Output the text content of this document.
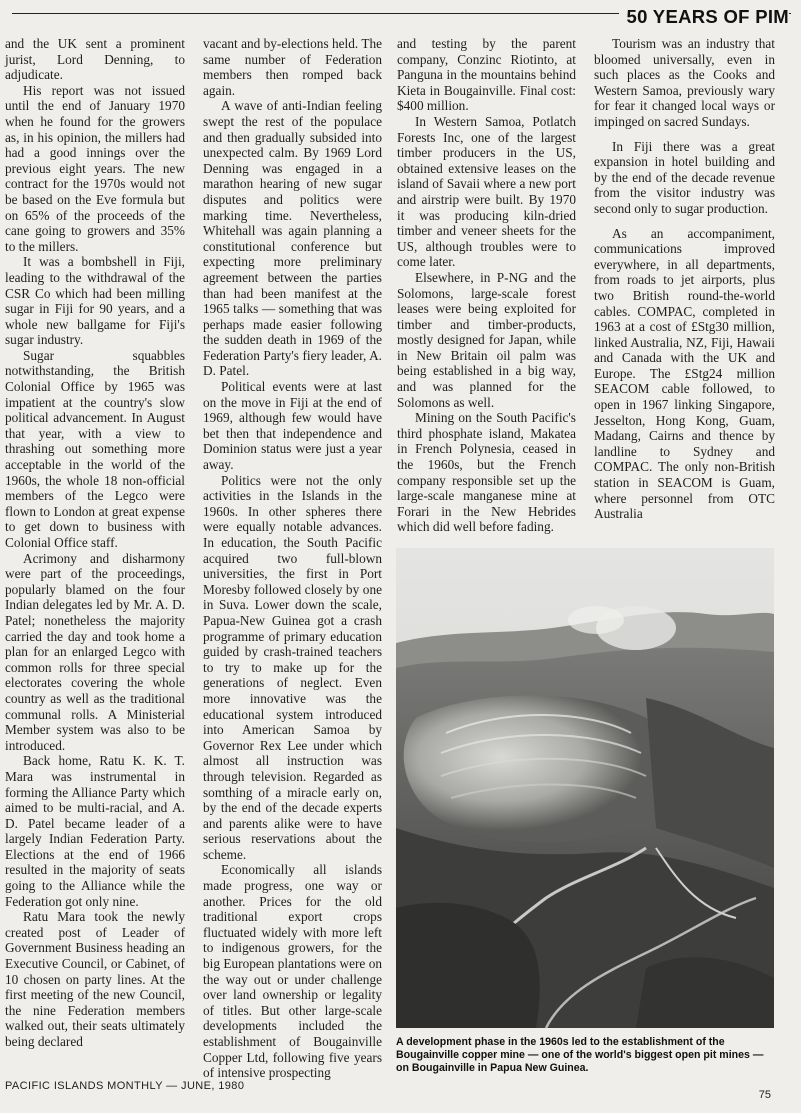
50 YEARS OF PIM

and the UK sent a prominent jurist, Lord Denning, to adjudicate.

His report was not issued until the end of January 1970 when he found for the growers as, in his opinion, the millers had had a good innings over the previous eight years. The new contract for the 1970s would not be based on the Eve formula but on 65% of the proceeds of the cane going to growers and 35% to the millers.

It was a bombshell in Fiji, leading to the withdrawal of the CSR Co which had been milling sugar in Fiji for 90 years, and a whole new ballgame for Fiji's sugar industry.

Sugar squabbles notwithstanding, the British Colonial Office by 1965 was impatient at the country's slow political advancement. In August that year, with a view to thrashing out something more acceptable in the world of the 1960s, the whole 18 non-official members of the Legco were flown to London at great expense to get down to business with Colonial Office staff.

Acrimony and disharmony were part of the proceedings, popularly blamed on the four Indian delegates led by Mr. A. D. Patel; nonetheless the majority carried the day and took home a plan for an enlarged Legco with common rolls for three special electorates covering the whole country as well as the traditional communal rolls. A Ministerial Member system was also to be introduced.

Back home, Ratu K. K. T. Mara was instrumental in forming the Alliance Party which aimed to be multi-racial, and A. D. Patel became leader of a largely Indian Federation Party. Elections at the end of 1966 resulted in the majority of seats going to the Alliance while the Federation got only nine.

Ratu Mara took the newly created post of Leader of Government Business heading an Executive Council, or Cabinet, of 10 chosen on party lines. At the first meeting of the new Council, the nine Federation members walked out, their seats ultimately being declared

vacant and by-elections held. The same number of Federation members then romped back again.

A wave of anti-Indian feeling swept the rest of the populace and then gradually subsided into unexpected calm. By 1969 Lord Denning was engaged in a marathon hearing of new sugar disputes and politics were marking time. Nevertheless, Whitehall was again planning a constitutional conference but expecting more preliminary agreement between the parties than had been manifest at the 1965 talks — something that was perhaps made easier following the sudden death in 1969 of the Federation Party's fiery leader, A. D. Patel.

Political events were at last on the move in Fiji at the end of 1969, although few would have bet then that independence and Dominion status were just a year away.

Politics were not the only activities in the Islands in the 1960s. In other spheres there were equally notable advances. In education, the South Pacific acquired two full-blown universities, the first in Port Moresby followed closely by one in Suva. Lower down the scale, Papua-New Guinea got a crash programme of primary education guided by crash-trained teachers to try to make up for the generations of neglect. Even more innovative was the educational system introduced into American Samoa by Governor Rex Lee under which almost all instruction was through television. Regarded as somthing of a miracle early on, by the end of the decade experts and parents alike were to have serious reservations about the scheme.

Economically all islands made progress, one way or another. Prices for the old traditional export crops fluctuated widely with more left to indigenous growers, for the big European plantations were on the way out or under challenge over land ownership or legality of titles. But other large-scale developments included the establishment of Bougainville Copper Ltd, following five years of intensive prospecting

and testing by the parent company, Conzinc Riotinto, at Panguna in the mountains behind Kieta in Bougainville. Final cost: $400 million.

In Western Samoa, Potlatch Forests Inc, one of the largest timber producers in the US, obtained extensive leases on the island of Savaii where a new port and airstrip were built. By 1970 it was producing kiln-dried timber and veneer sheets for the US, although troubles were to come later.

Elsewhere, in P-NG and the Solomons, large-scale forest leases were being exploited for timber and timber-products, mostly designed for Japan, while in New Britain oil palm was being established in a big way, and was planned for the Solomons as well.

Mining on the South Pacific's third phosphate island, Makatea in French Polynesia, ceased in the 1960s, but the French company responsible set up the large-scale manganese mine at Forari in the New Hebrides which did well before fading.

Tourism was an industry that bloomed universally, even in such places as the Cooks and Western Samoa, previously wary for fear it changed local ways or impinged on sacred Sundays.

In Fiji there was a great expansion in hotel building and by the end of the decade revenue from the visitor industry was second only to sugar production.

As an accompaniment, communications improved everywhere, in all departments, from roads to jet airports, plus two British round-the-world cables. COMPAC, completed in 1963 at a cost of £Stg30 million, linked Australia, NZ, Fiji, Hawaii and Canada with the UK and Europe. The £Stg24 million SEACOM cable followed, to open in 1967 linking Singapore, Jesselton, Hong Kong, Guam, Madang, Cairns and thence by landline to Sydney and COMPAC. The only non-British station in SEACOM is Guam, where personnel from OTC Australia

A development phase in the 1960s led to the establishment of the Bougainville copper mine — one of the world's biggest open pit mines — on Bougainville in Papua New Guinea.
PACIFIC ISLANDS MONTHLY — JUNE, 1980
75
